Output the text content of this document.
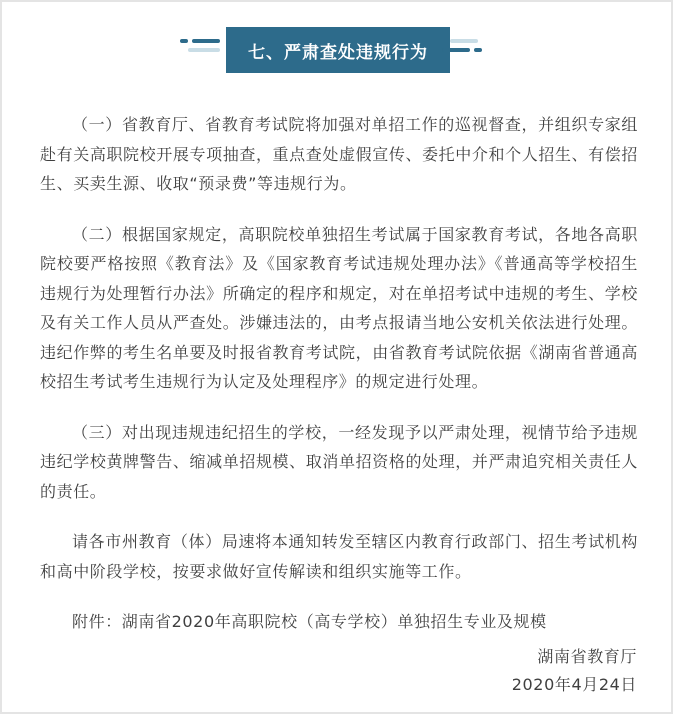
七、严肃查处违规行为

（一）省教育厅、省教育考试院将加强对单招工作的巡视督查，并组织专家组赴有关高职院校开展专项抽查，重点查处虚假宣传、委托中介和个人招生、有偿招生、买卖生源、收取“预录费”等违规行为。

（二）根据国家规定，高职院校单独招生考试属于国家教育考试，各地各高职院校要严格按照《教育法》及《国家教育考试违规处理办法》《普通高等学校招生违规行为处理暂行办法》所确定的程序和规定，对在单招考试中违规的考生、学校及有关工作人员从严查处。涉嫌违法的，由考点报请当地公安机关依法进行处理。违纪作弊的考生名单要及时报省教育考试院，由省教育考试院依据《湖南省普通高校招生考试考生违规行为认定及处理程序》的规定进行处理。

（三）对出现违规违纪招生的学校，一经发现予以严肃处理，视情节给予违规违纪学校黄牌警告、缩减单招规模、取消单招资格的处理，并严肃追究相关责任人的责任。

请各市州教育（体）局速将本通知转发至辖区内教育行政部门、招生考试机构和高中阶段学校，按要求做好宣传解读和组织实施等工作。

附件：湖南省2020年高职院校（高专学校）单独招生专业及规模

湖南省教育厅
2020年4月24日
